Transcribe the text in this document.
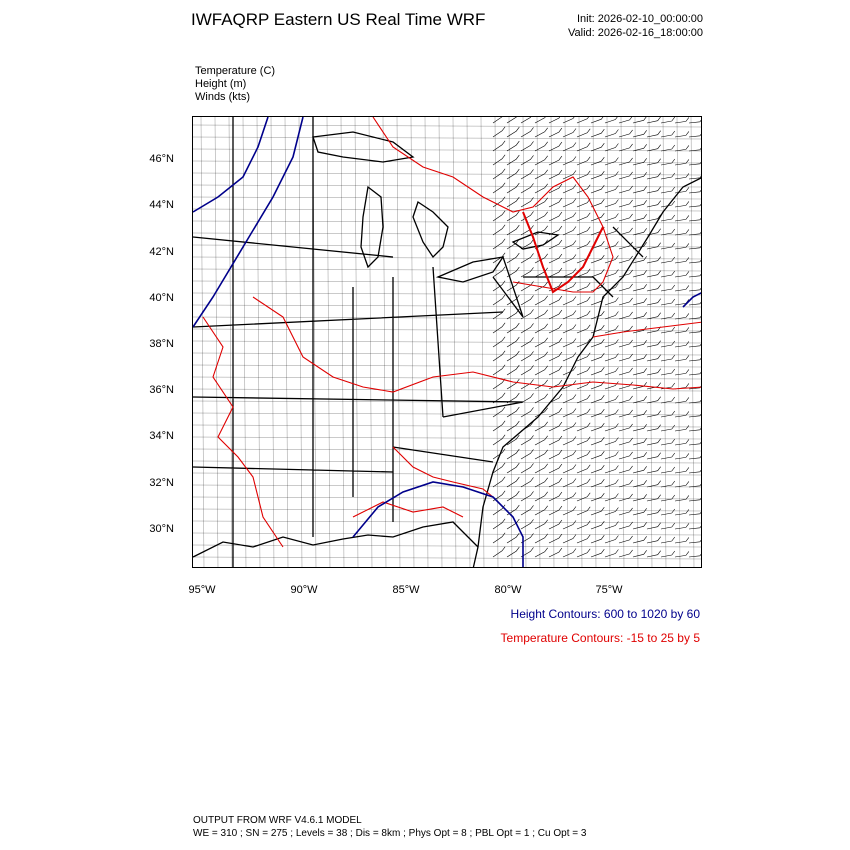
IWFAQRP Eastern US Real Time WRF	Init: 2026-02-10_00:00:00
Valid: 2026-02-16_18:00:00
Temperature (C)
Height (m)
Winds (kts)
46°N
44°N
42°N
40°N
38°N
36°N
34°N
32°N
30°N
95°W	90°W	85°W	80°W	75°W
Height Contours: 600 to 1020 by 60
Temperature Contours: -15 to 25 by 5
OUTPUT FROM WRF V4.6.1 MODEL
WE = 310 ; SN = 275 ; Levels = 38 ; Dis = 8km ; Phys Opt = 8 ; PBL Opt = 1 ; Cu Opt = 3
